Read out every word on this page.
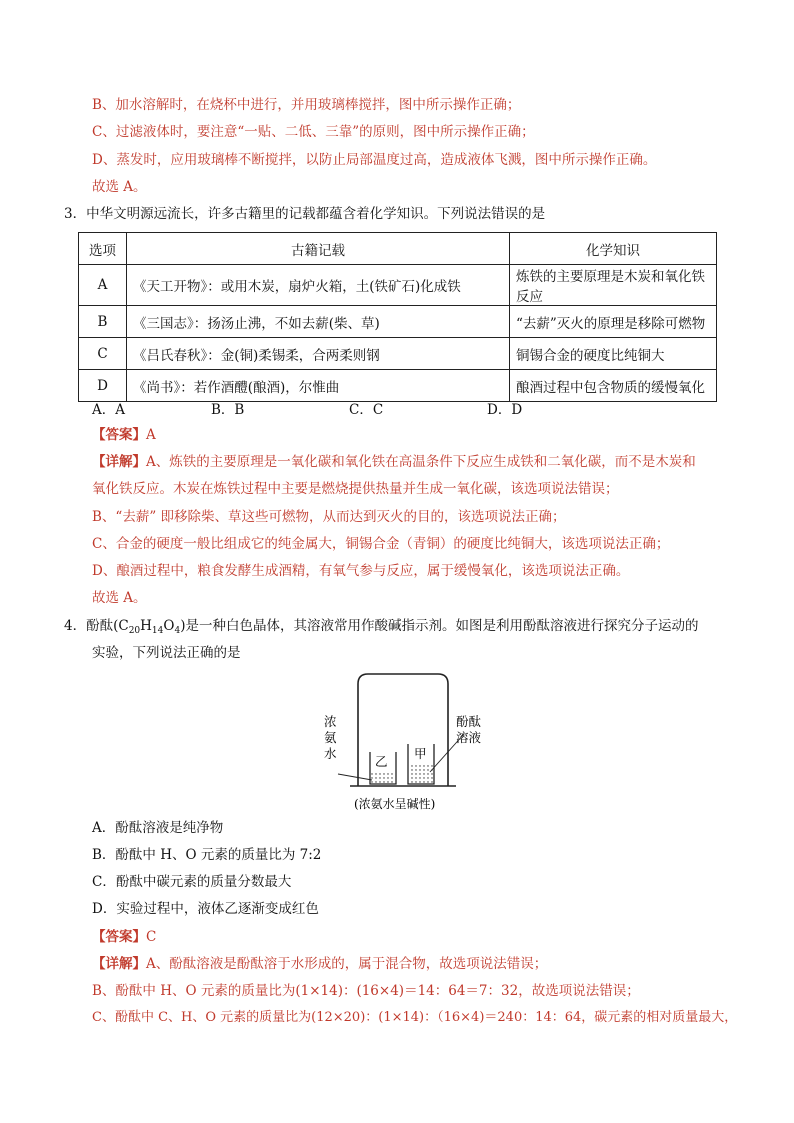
B、加水溶解时，在烧杯中进行，并用玻璃棒搅拌，图中所示操作正确；
C、过滤液体时，要注意“一贴、二低、三靠”的原则，图中所示操作正确；
D、蒸发时，应用玻璃棒不断搅拌，以防止局部温度过高，造成液体飞溅，图中所示操作正确。
故选 A。
3．中华文明源远流长，许多古籍里的记载都蕴含着化学知识。下列说法错误的是
选项	古籍记载	化学知识
A	《天工开物》：或用木炭，扇炉火箱，土(铁矿石)化成铁	炼铁的主要原理是木炭和氧化铁反应
B	《三国志》：扬汤止沸，不如去薪(柴、草)	“去薪”灭火的原理是移除可燃物
C	《吕氏春秋》：金(铜)柔锡柔，合两柔则钢	铜锡合金的硬度比纯铜大
D	《尚书》：若作酒醴(酿酒)，尔惟曲	酿酒过程中包含物质的缓慢氧化
A．A	B．B	C．C	D．D
【答案】A
【详解】A、炼铁的主要原理是一氧化碳和氧化铁在高温条件下反应生成铁和二氧化碳，而不是木炭和
氧化铁反应。木炭在炼铁过程中主要是燃烧提供热量并生成一氧化碳，该选项说法错误；
B、“去薪” 即移除柴、草这些可燃物，从而达到灭火的目的，该选项说法正确；
C、合金的硬度一般比组成它的纯金属大，铜锡合金（青铜）的硬度比纯铜大，该选项说法正确；
D、酿酒过程中，粮食发酵生成酒精，有氧气参与反应，属于缓慢氧化，该选项说法正确。
故选 A。
4．酚酞$(C_{20}H_{14}O_4)$是一种白色晶体，其溶液常用作酸碱指示剂。如图是利用酚酞溶液进行探究分子运动的
实验，下列说法正确的是
浓
氨
水
酚酞
溶液
乙
甲
(浓氨水呈碱性)
A．酚酞溶液是纯净物
B．酚酞中 H、O 元素的质量比为 7:2
C．酚酞中碳元素的质量分数最大
D．实验过程中，液体乙逐渐变成红色
【答案】C
【详解】A、酚酞溶液是酚酞溶于水形成的，属于混合物，故选项说法错误；
B、酚酞中 H、O 元素的质量比为(1×14)：(16×4)＝14：64＝7：32，故选项说法错误；
C、酚酞中 C、H、O 元素的质量比为(12×20)：(1×14)：（16×4)＝240：14：64，碳元素的相对质量最大，
